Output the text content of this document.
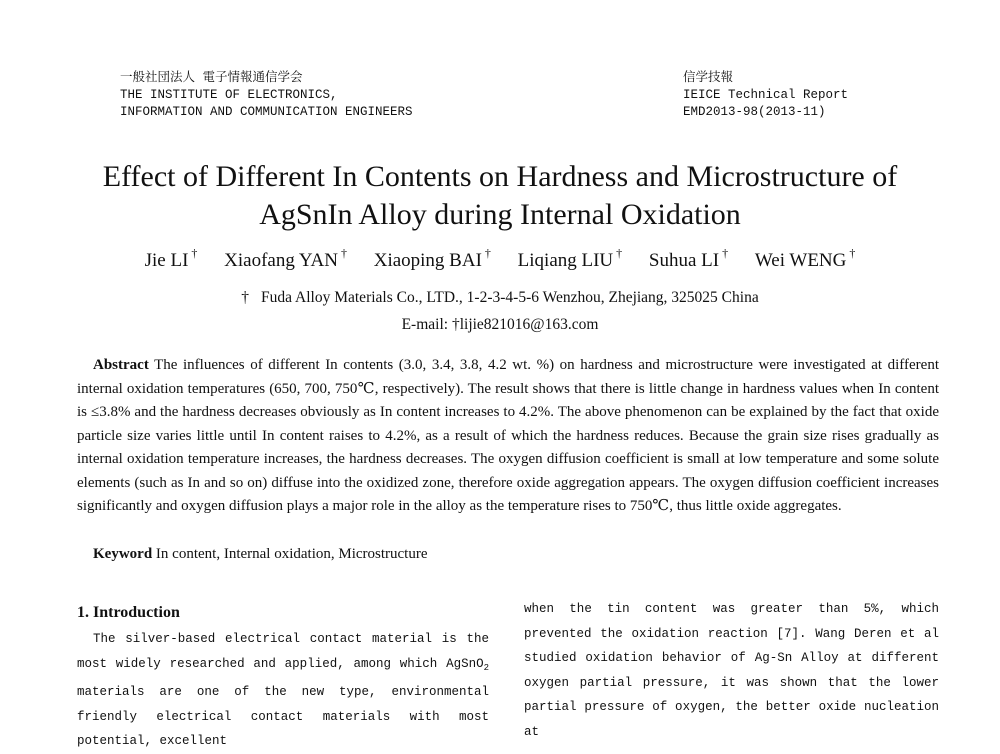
一般社団法人 電子情報通信学会
THE INSTITUTE OF ELECTRONICS,
INFORMATION AND COMMUNICATION ENGINEERS
信学技報
IEICE Technical Report
EMD2013-98(2013-11)
Effect of Different In Contents on Hardness and Microstructure of
AgSnIn Alloy during Internal Oxidation
Jie LI † Xiaofang YAN † Xiaoping BAI † Liqiang LIU † Suhua LI † Wei WENG †
† Fuda Alloy Materials Co., LTD., 1-2-3-4-5-6 Wenzhou, Zhejiang, 325025 China
E-mail: †lijie821016@163.com
Abstract The influences of different In contents (3.0, 3.4, 3.8, 4.2 wt. %) on hardness and microstructure were investigated at different internal oxidation temperatures (650, 700, 750℃, respectively). The result shows that there is little change in hardness values when In content is ≤3.8% and the hardness decreases obviously as In content increases to 4.2%. The above phenomenon can be explained by the fact that oxide particle size varies little until In content raises to 4.2%, as a result of which the hardness reduces. Because the grain size rises gradually as internal oxidation temperature increases, the hardness decreases. The oxygen diffusion coefficient is small at low temperature and some solute elements (such as In and so on) diffuse into the oxidized zone, therefore oxide aggregation appears. The oxygen diffusion coefficient increases significantly and oxygen diffusion plays a major role in the alloy as the temperature rises to 750℃, thus little oxide aggregates.
Keyword In content, Internal oxidation, Microstructure
1. Introduction
The silver-based electrical contact material is the most widely researched and applied, among which AgSnO$_2$ materials are one of the new type, environmental friendly electrical contact materials with most potential, excellent
when the tin content was greater than 5%, which prevented the oxidation reaction [7]. Wang Deren et al studied oxidation behavior of Ag-Sn Alloy at different oxygen partial pressure, it was shown that the lower partial pressure of oxygen, the better oxide nucleation at
